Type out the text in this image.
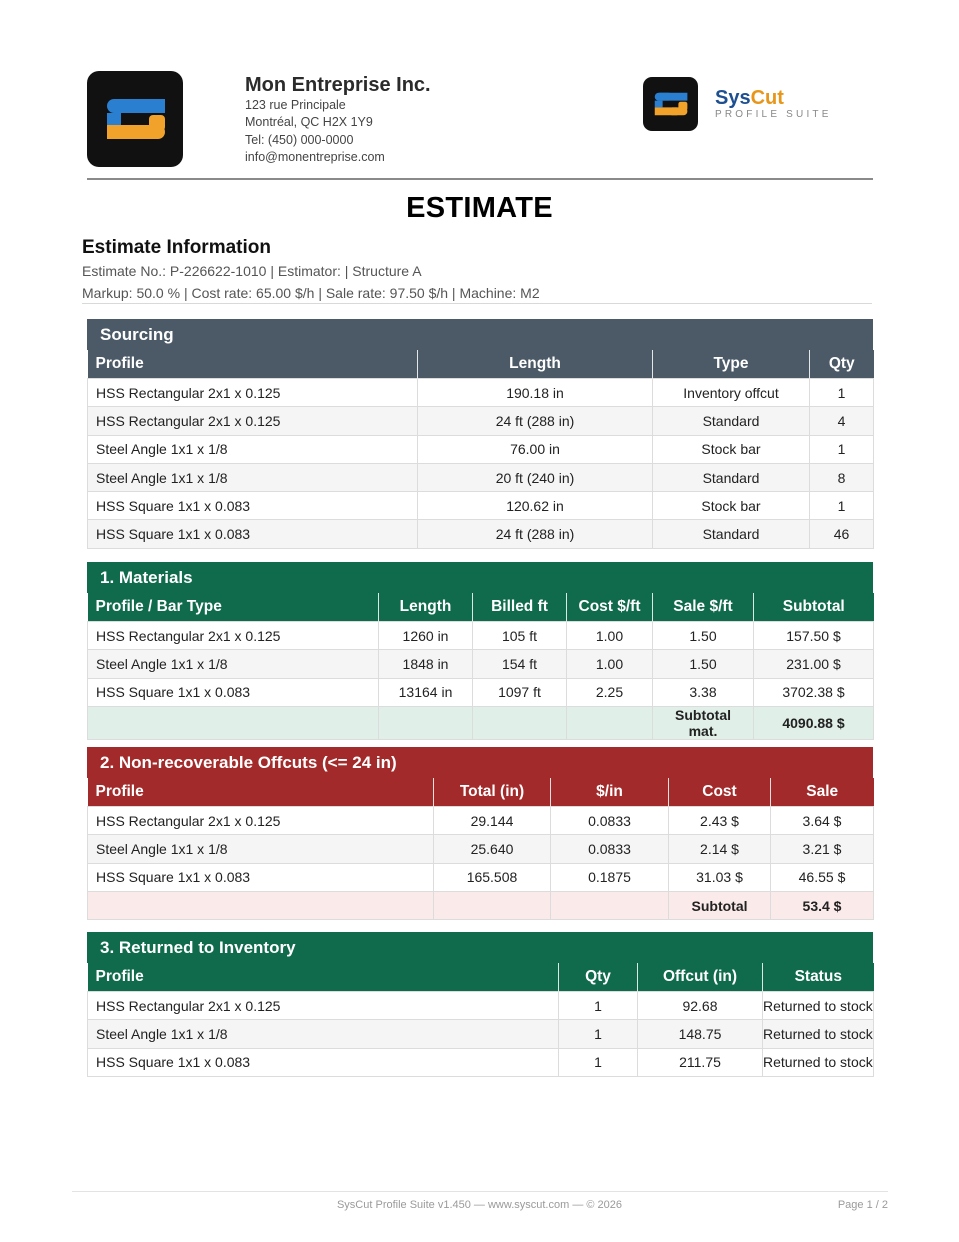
Mon Entreprise Inc.
123 rue Principale
Montréal, QC H2X 1Y9
Tel: (450) 000-0000
info@monentreprise.com
SysCut
PROFILE SUITE
ESTIMATE
Estimate Information
Estimate No.: P-226622-1010 | Estimator: | Structure A
Markup: 50.0 % | Cost rate: 65.00 $/h | Sale rate: 97.50 $/h | Machine: M2
Sourcing
Profile	Length	Type	Qty
HSS Rectangular 2x1 x 0.125	190.18 in	Inventory offcut	1
HSS Rectangular 2x1 x 0.125	24 ft (288 in)	Standard	4
Steel Angle 1x1 x 1/8	76.00 in	Stock bar	1
Steel Angle 1x1 x 1/8	20 ft (240 in)	Standard	8
HSS Square 1x1 x 0.083	120.62 in	Stock bar	1
HSS Square 1x1 x 0.083	24 ft (288 in)	Standard	46
1. Materials
Profile / Bar Type	Length	Billed ft	Cost $/ft	Sale $/ft	Subtotal
HSS Rectangular 2x1 x 0.125	1260 in	105 ft	1.00	1.50	157.50 $
Steel Angle 1x1 x 1/8	1848 in	154 ft	1.00	1.50	231.00 $
HSS Square 1x1 x 0.083	13164 in	1097 ft	2.25	3.38	3702.38 $
				Subtotal mat.	4090.88 $
2. Non-recoverable Offcuts (<= 24 in)
Profile	Total (in)	$/in	Cost	Sale
HSS Rectangular 2x1 x 0.125	29.144	0.0833	2.43 $	3.64 $
Steel Angle 1x1 x 1/8	25.640	0.0833	2.14 $	3.21 $
HSS Square 1x1 x 0.083	165.508	0.1875	31.03 $	46.55 $
			Subtotal	53.4 $
3. Returned to Inventory
Profile	Qty	Offcut (in)	Status
HSS Rectangular 2x1 x 0.125	1	92.68	Returned to stock
Steel Angle 1x1 x 1/8	1	148.75	Returned to stock
HSS Square 1x1 x 0.083	1	211.75	Returned to stock
SysCut Profile Suite v1.450 — www.syscut.com — © 2026	Page 1 / 2
